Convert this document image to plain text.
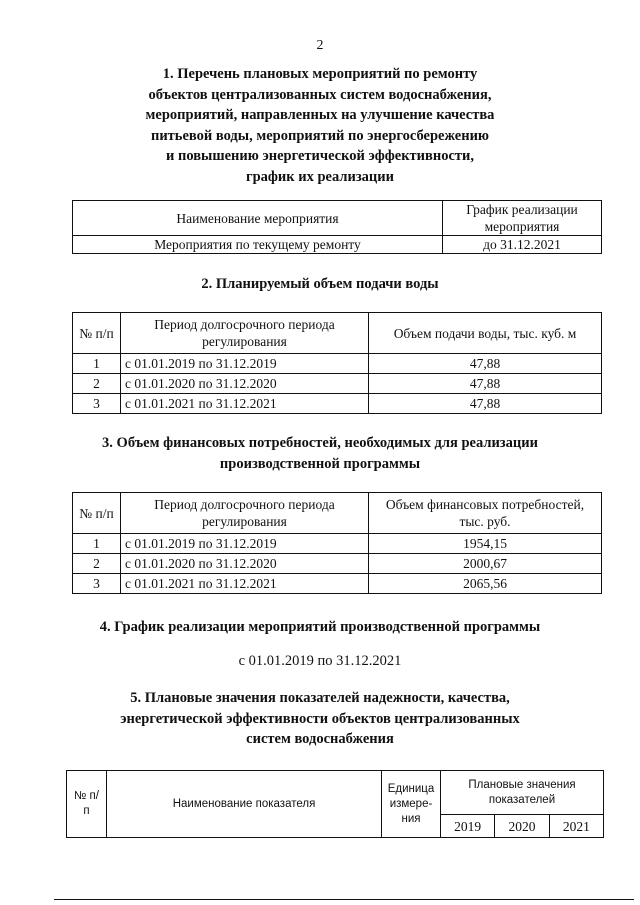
2
1. Перечень плановых мероприятий по ремонту
объектов централизованных систем водоснабжения,
мероприятий, направленных на улучшение качества
питьевой воды, мероприятий по энергосбережению
и повышению энергетической эффективности,
график их реализации
Наименование мероприятия	График реализации мероприятия
Мероприятия по текущему ремонту	до 31.12.2021
2. Планируемый объем подачи воды
№ п/п	Период долгосрочного периода регулирования	Объем подачи воды, тыс. куб. м
1	с 01.01.2019 по 31.12.2019	47,88
2	с 01.01.2020 по 31.12.2020	47,88
3	с 01.01.2021 по 31.12.2021	47,88
3. Объем финансовых потребностей, необходимых для реализации
производственной программы
№ п/п	Период долгосрочного периода регулирования	Объем финансовых потребностей, тыс. руб.
1	с 01.01.2019 по 31.12.2019	1954,15
2	с 01.01.2020 по 31.12.2020	2000,67
3	с 01.01.2021 по 31.12.2021	2065,56
4. График реализации мероприятий производственной программы
с 01.01.2019 по 31.12.2021
5. Плановые значения показателей надежности, качества,
энергетической эффективности объектов централизованных
систем водоснабжения
№ п/п	Наименование показателя	Единица измере-ния	Плановые значения показателей		
			2019	2020	2021
